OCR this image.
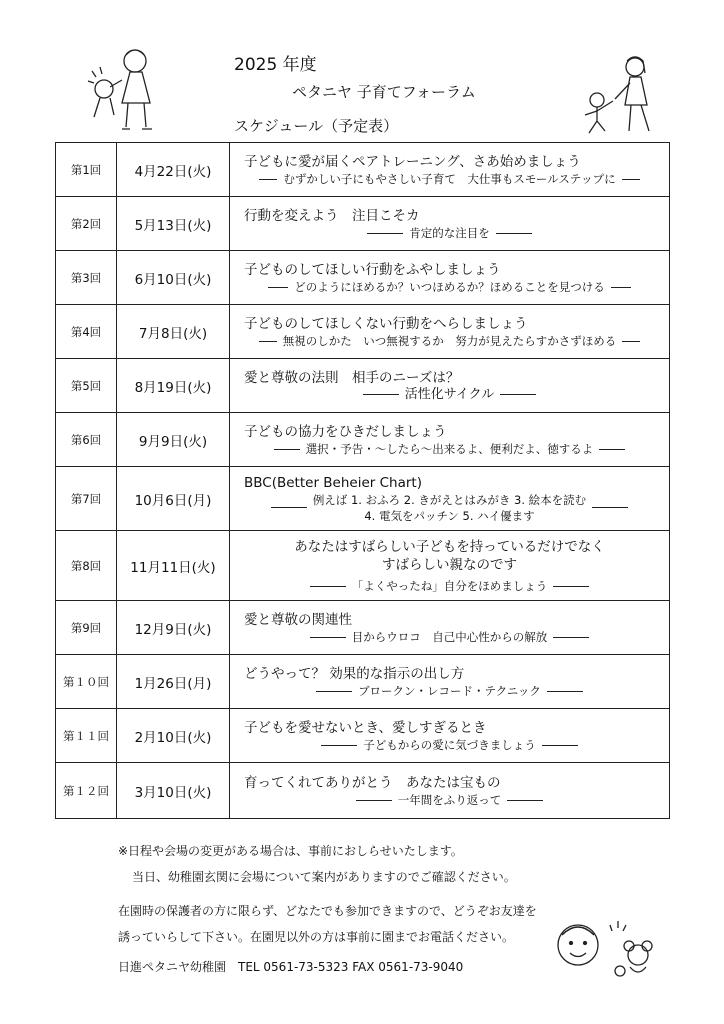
2025 年度
ペタニヤ 子育てフォーラム
スケジュール（予定表）
第1回	4月22日(火)	子どもに愛が届くペアトレーニング、さあ始めましょう
むずかしい子にもやさしい子育て　大仕事もスモールステップに

第2回	5月13日(火)	行動を変えよう　注目こそカ
肯定的な注目を

第3回	6月10日(火)	子どものしてほしい行動をふやしましょう
どのようにほめるか？いつほめるか？ほめることを見つける

第4回	7月8日(火)	子どものしてほしくない行動をへらしましょう
無視のしかた　いつ無視するか　努力が見えたらすかさずほめる

第5回	8月19日(火)	愛と尊敬の法則　相手のニーズは？
活性化サイクル

第6回	9月9日(火)	子どもの協力をひきだしましょう
選択・予告・～したら～出来るよ、便利だよ、徳するよ

第7回	10月6日(月)	BBC(Better Beheier Chart)
例えば 1. おふろ 2. きがえとはみがき 3. 絵本を読む
4. 電気をパッチン 5. ハイ優ます

第8回	11月11日(火)	あなたはすばらしい子どもを持っているだけでなく
すばらしい親なのです
「よくやったね」自分をほめましょう

第9回	12月9日(火)	愛と尊敬の関連性
目からウロコ　自己中心性からの解放

第１０回	1月26日(月)	どうやって？ 効果的な指示の出し方
ブロークン・レコード・テクニック

第１１回	2月10日(火)	子どもを愛せないとき、愛しすぎるとき
子どもからの愛に気づきましょう

第１２回	3月10日(火)	育ってくれてありがとう　あなたは宝もの
一年間をふり返って
※日程や会場の変更がある場合は、事前におしらせいたします。
当日、幼稚園玄関に会場について案内がありますのでご確認ください。
在園時の保護者の方に限らず、どなたでも参加できますので、どうぞお友達を
誘っていらして下さい。在園児以外の方は事前に園までお電話ください。
日進ペタニヤ幼稚園　TEL 0561-73-5323 FAX 0561-73-9040
